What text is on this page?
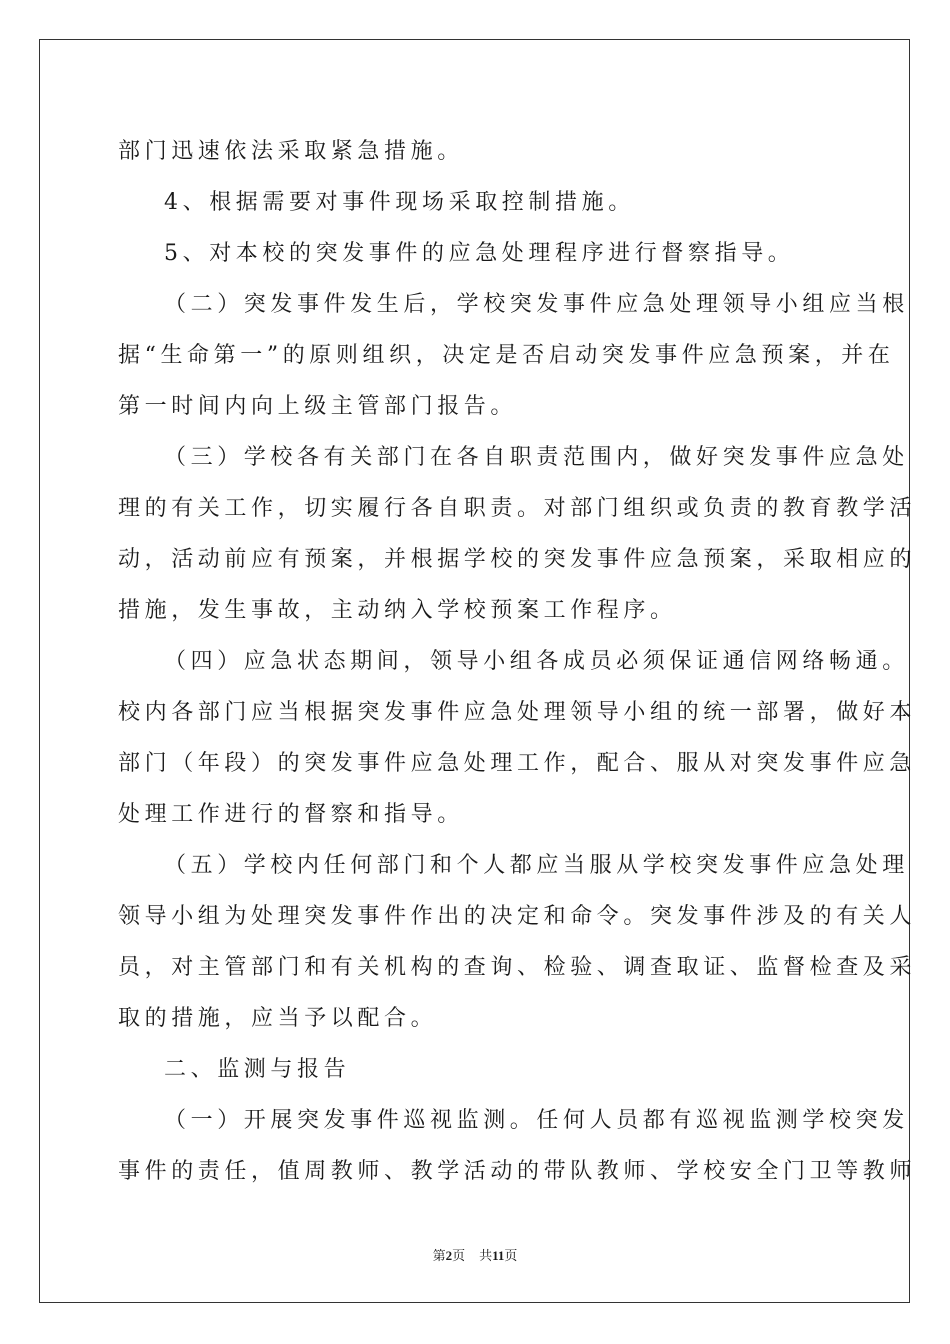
部门迅速依法采取紧急措施。
4、根据需要对事件现场采取控制措施。
5、对本校的突发事件的应急处理程序进行督察指导。
（二）突发事件发生后，学校突发事件应急处理领导小组应当根
据“生命第一”的原则组织，决定是否启动突发事件应急预案，并在
第一时间内向上级主管部门报告。
（三）学校各有关部门在各自职责范围内，做好突发事件应急处
理的有关工作，切实履行各自职责。对部门组织或负责的教育教学活
动，活动前应有预案，并根据学校的突发事件应急预案，采取相应的
措施，发生事故，主动纳入学校预案工作程序。
（四）应急状态期间，领导小组各成员必须保证通信网络畅通。
校内各部门应当根据突发事件应急处理领导小组的统一部署，做好本
部门（年段）的突发事件应急处理工作，配合、服从对突发事件应急
处理工作进行的督察和指导。
（五）学校内任何部门和个人都应当服从学校突发事件应急处理
领导小组为处理突发事件作出的决定和命令。突发事件涉及的有关人
员，对主管部门和有关机构的查询、检验、调查取证、监督检查及采
取的措施，应当予以配合。
二、监测与报告
（一）开展突发事件巡视监测。任何人员都有巡视监测学校突发
事件的责任，值周教师、教学活动的带队教师、学校安全门卫等教师
第2页 共11页
